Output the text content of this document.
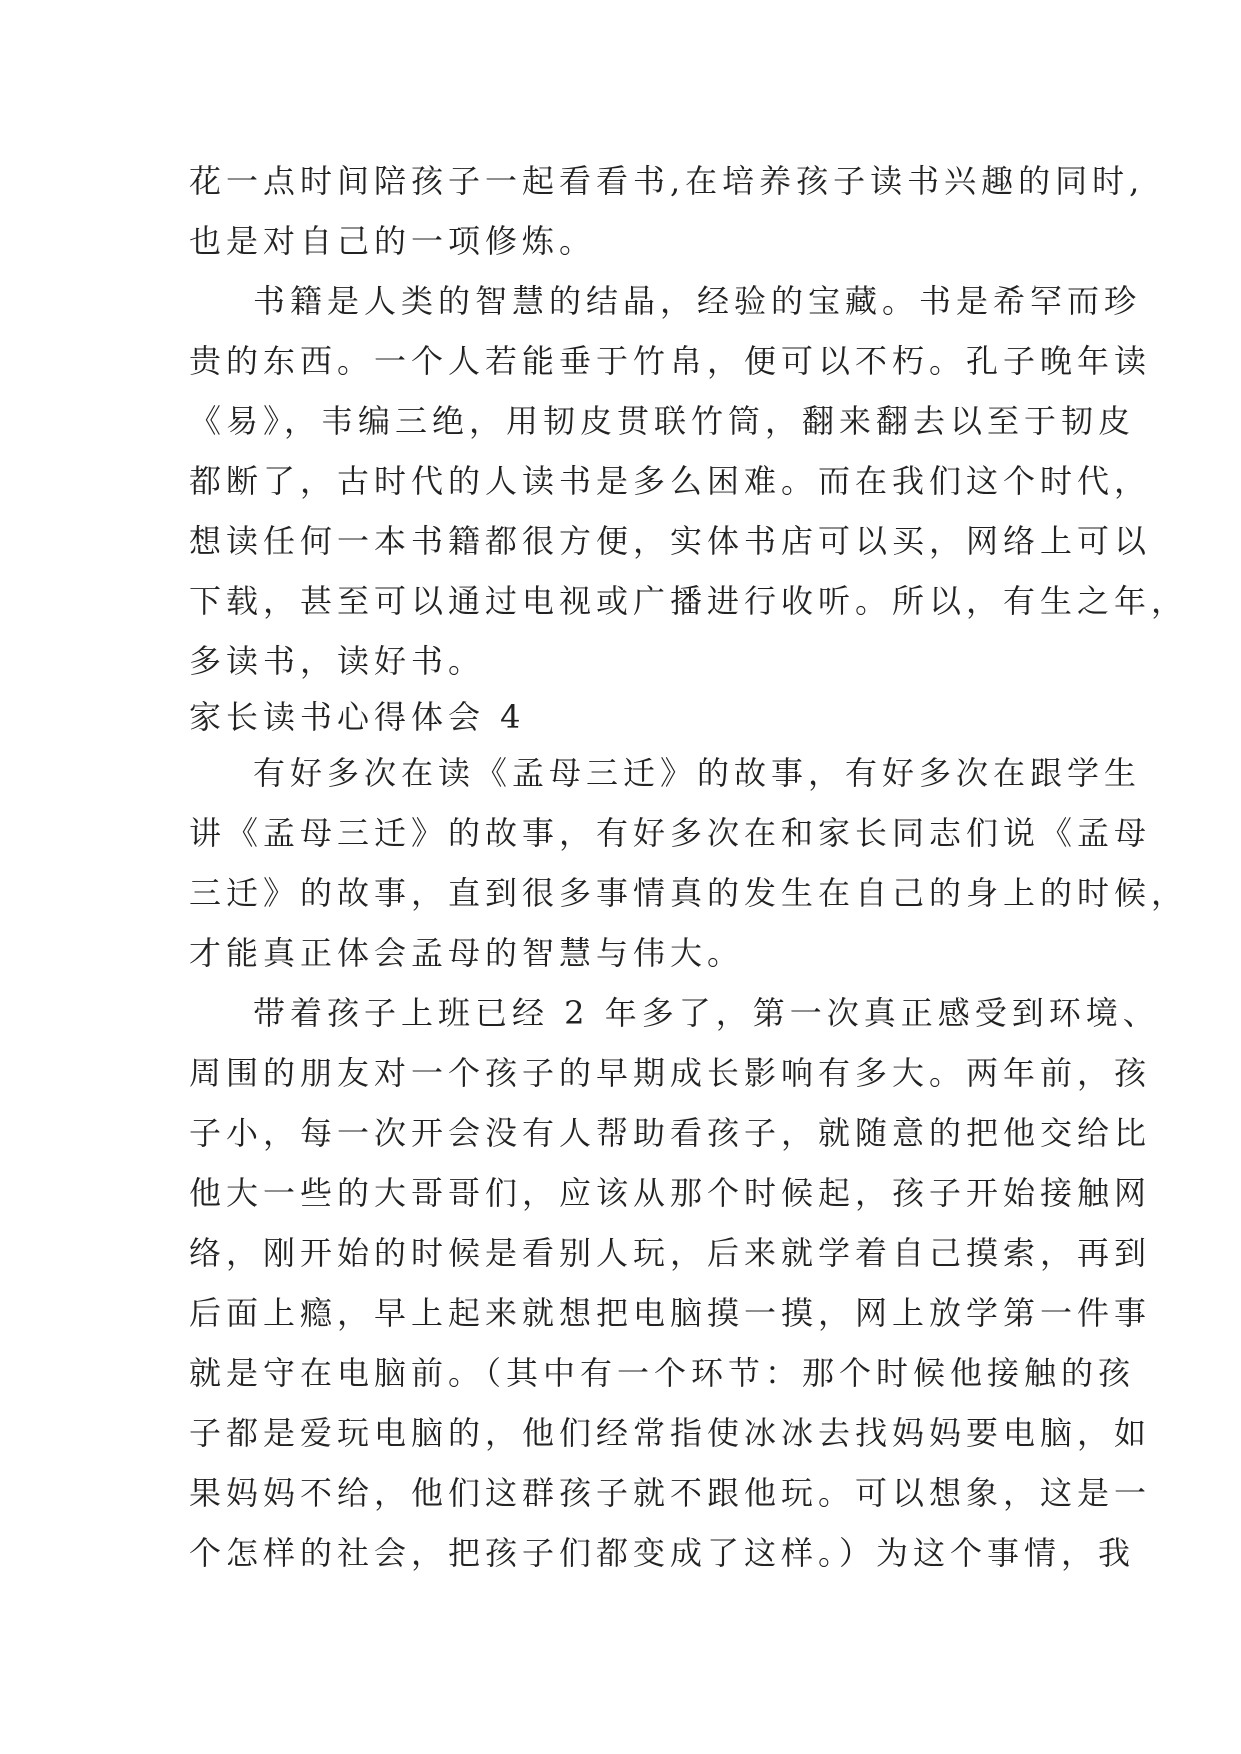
花一点时间陪孩子一起看看书,在培养孩子读书兴趣的同时,
也是对自己的一项修炼。
书籍是人类的智慧的结晶，经验的宝藏。书是希罕而珍
贵的东西。一个人若能垂于竹帛，便可以不朽。孔子晚年读
《易》，韦编三绝，用韧皮贯联竹筒，翻来翻去以至于韧皮
都断了，古时代的人读书是多么困难。而在我们这个时代，
想读任何一本书籍都很方便，实体书店可以买，网络上可以
下载，甚至可以通过电视或广播进行收听。所以，有生之年，
多读书，读好书。
家长读书心得体会 4
有好多次在读《孟母三迁》的故事，有好多次在跟学生
讲《孟母三迁》的故事，有好多次在和家长同志们说《孟母
三迁》的故事，直到很多事情真的发生在自己的身上的时候，
才能真正体会孟母的智慧与伟大。
带着孩子上班已经 2 年多了，第一次真正感受到环境、
周围的朋友对一个孩子的早期成长影响有多大。两年前，孩
子小，每一次开会没有人帮助看孩子，就随意的把他交给比
他大一些的大哥哥们，应该从那个时候起，孩子开始接触网
络，刚开始的时候是看别人玩，后来就学着自己摸索，再到
后面上瘾，早上起来就想把电脑摸一摸，网上放学第一件事
就是守在电脑前。（其中有一个环节：那个时候他接触的孩
子都是爱玩电脑的，他们经常指使冰冰去找妈妈要电脑，如
果妈妈不给，他们这群孩子就不跟他玩。可以想象，这是一
个怎样的社会，把孩子们都变成了这样。）为这个事情，我
